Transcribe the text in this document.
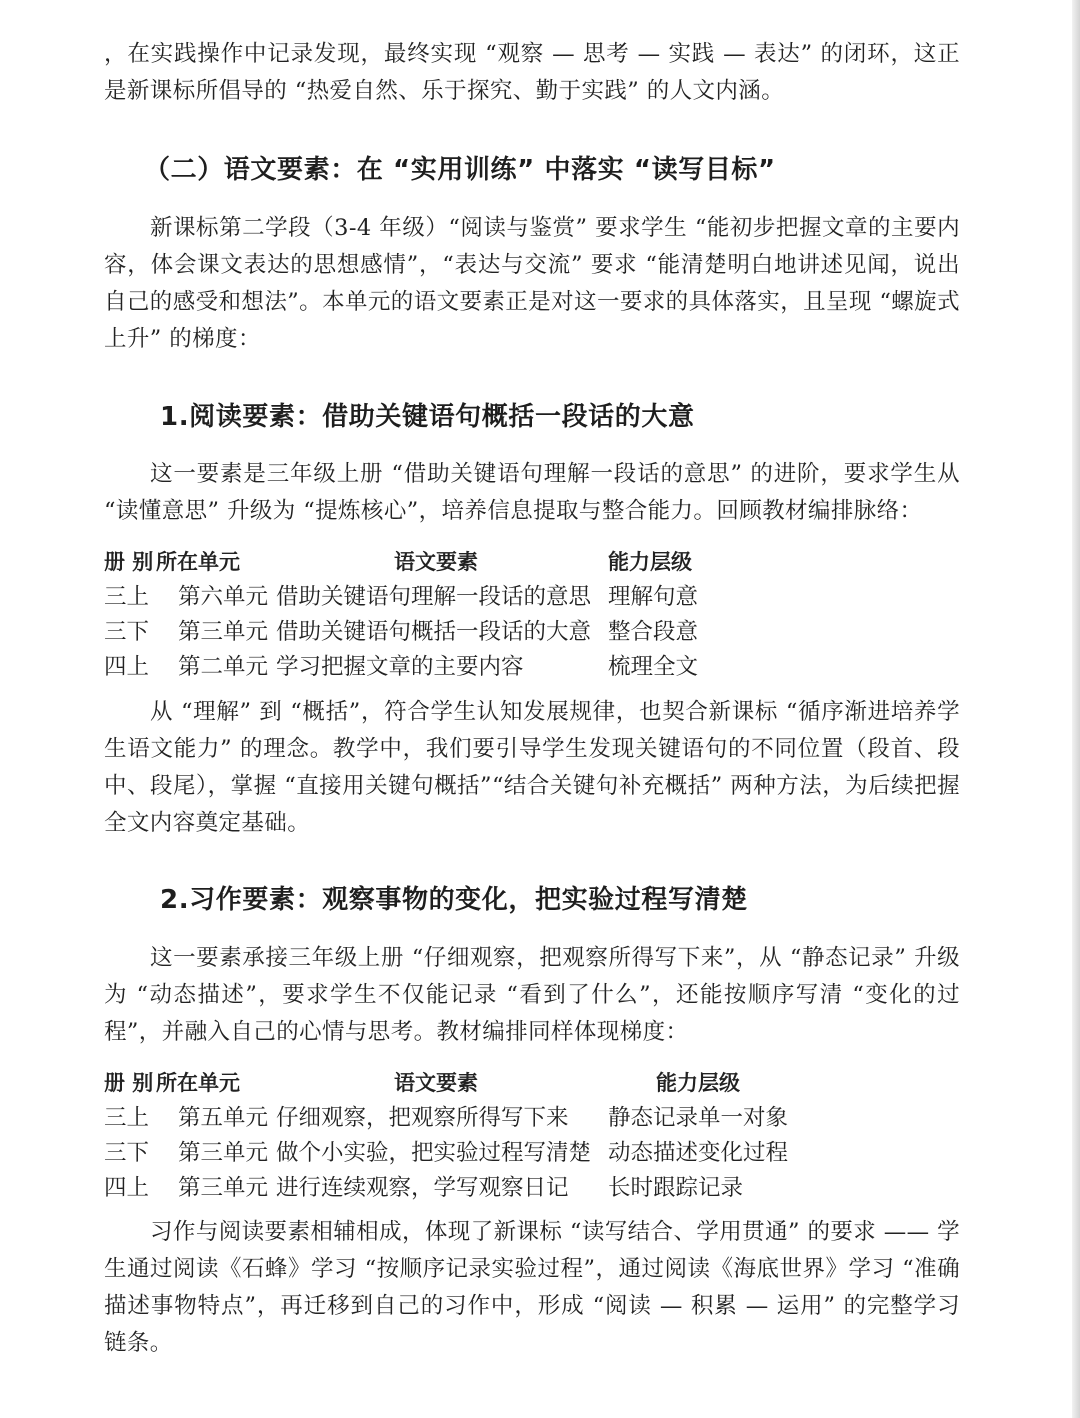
，在实践操作中记录发现，最终实现 “观察 — 思考 — 实践 — 表达” 的闭环，这正是新课标所倡导的 “热爱自然、乐于探究、勤于实践” 的人文内涵。

（二）语文要素：在 “实用训练” 中落实 “读写目标”

新课标第二学段（3-4 年级）“阅读与鉴赏” 要求学生 “能初步把握文章的主要内容，体会课文表达的思想感情”，“表达与交流” 要求 “能清楚明白地讲述见闻，说出自己的感受和想法”。本单元的语文要素正是对这一要求的具体落实，且呈现 “螺旋式上升” 的梯度：

1.阅读要素：借助关键语句概括一段话的大意

这一要素是三年级上册 “借助关键语句理解一段话的意思” 的进阶，要求学生从 “读懂意思” 升级为 “提炼核心”，培养信息提取与整合能力。回顾教材编排脉络：

册 别 所在单元	语文要素	能力层级
三上 第六单元 借助关键语句理解一段话的意思 理解句意
三下 第三单元 借助关键语句概括一段话的大意 整合段意
四上 第二单元 学习把握文章的主要内容	梳理全文

从 “理解” 到 “概括”，符合学生认知发展规律，也契合新课标 “循序渐进培养学生语文能力” 的理念。教学中，我们要引导学生发现关键语句的不同位置（段首、段中、段尾），掌握 “直接用关键句概括”“结合关键句补充概括” 两种方法，为后续把握全文内容奠定基础。

2.习作要素：观察事物的变化，把实验过程写清楚

这一要素承接三年级上册 “仔细观察，把观察所得写下来”，从 “静态记录” 升级为 “动态描述”，要求学生不仅能记录 “看到了什么”，还能按顺序写清 “变化的过程”，并融入自己的心情与思考。教材编排同样体现梯度：

册 别 所在单元	语文要素	能力层级
三上 第五单元 仔细观察，把观察所得写下来 静态记录单一对象
三下 第三单元 做个小实验，把实验过程写清楚 动态描述变化过程
四上 第三单元 进行连续观察，学写观察日记 长时跟踪记录

习作与阅读要素相辅相成，体现了新课标 “读写结合、学用贯通” 的要求 —— 学生通过阅读《石蜂》学习 “按顺序记录实验过程”，通过阅读《海底世界》学习 “准确描述事物特点”，再迁移到自己的习作中，形成 “阅读 — 积累 — 运用” 的完整学习链条。
